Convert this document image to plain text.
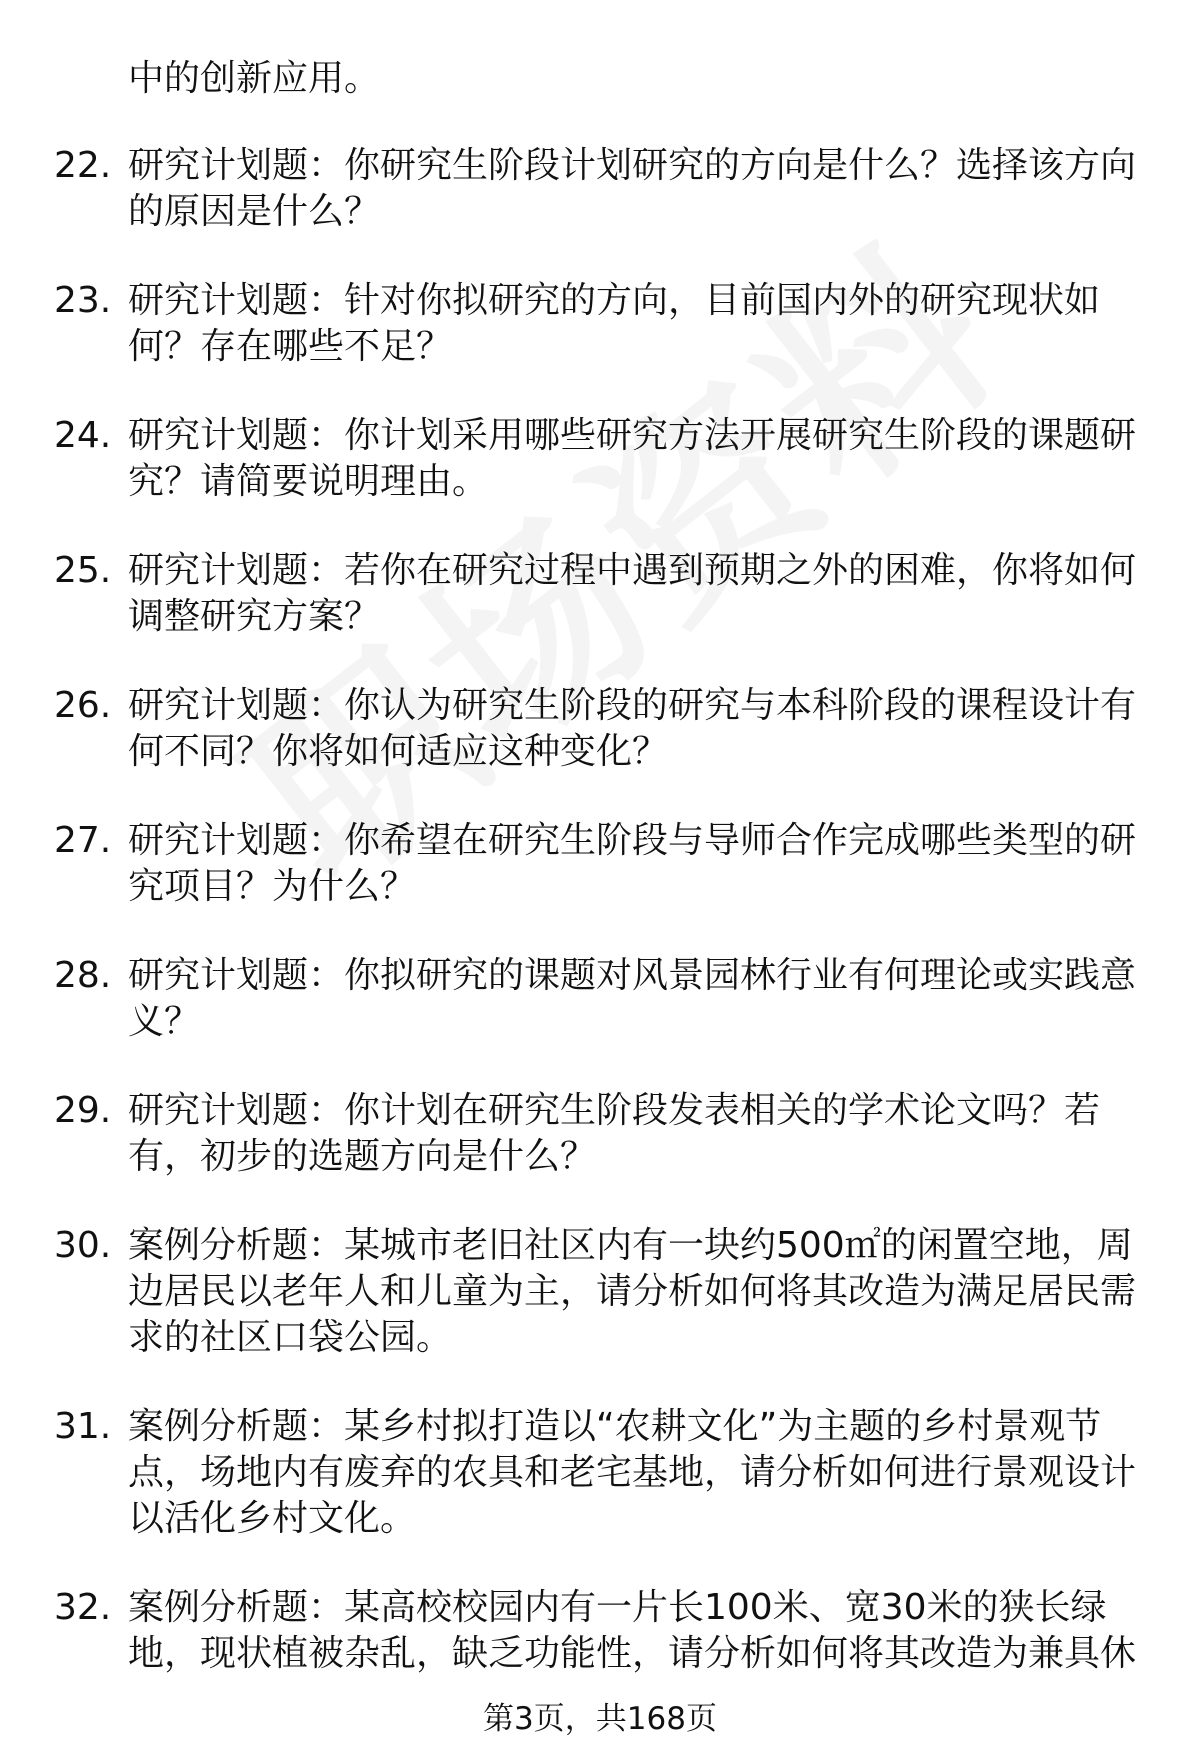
中的创新应用。
22. 研究计划题：你研究生阶段计划研究的方向是什么？选择该方向的原因是什么？
23. 研究计划题：针对你拟研究的方向，目前国内外的研究现状如何？存在哪些不足？
24. 研究计划题：你计划采用哪些研究方法开展研究生阶段的课题研究？请简要说明理由。
25. 研究计划题：若你在研究过程中遇到预期之外的困难，你将如何调整研究方案？
26. 研究计划题：你认为研究生阶段的研究与本科阶段的课程设计有何不同？你将如何适应这种变化？
27. 研究计划题：你希望在研究生阶段与导师合作完成哪些类型的研究项目？为什么？
28. 研究计划题：你拟研究的课题对风景园林行业有何理论或实践意义？
29. 研究计划题：你计划在研究生阶段发表相关的学术论文吗？若有，初步的选题方向是什么？
30. 案例分析题：某城市老旧社区内有一块约500㎡的闲置空地，周边居民以老年人和儿童为主，请分析如何将其改造为满足居民需求的社区口袋公园。
31. 案例分析题：某乡村拟打造以“农耕文化”为主题的乡村景观节点，场地内有废弃的农具和老宅基地，请分析如何进行景观设计以活化乡村文化。
32. 案例分析题：某高校校园内有一片长100米、宽30米的狭长绿地，现状植被杂乱，缺乏功能性，请分析如何将其改造为兼具休
第3页，共168页
